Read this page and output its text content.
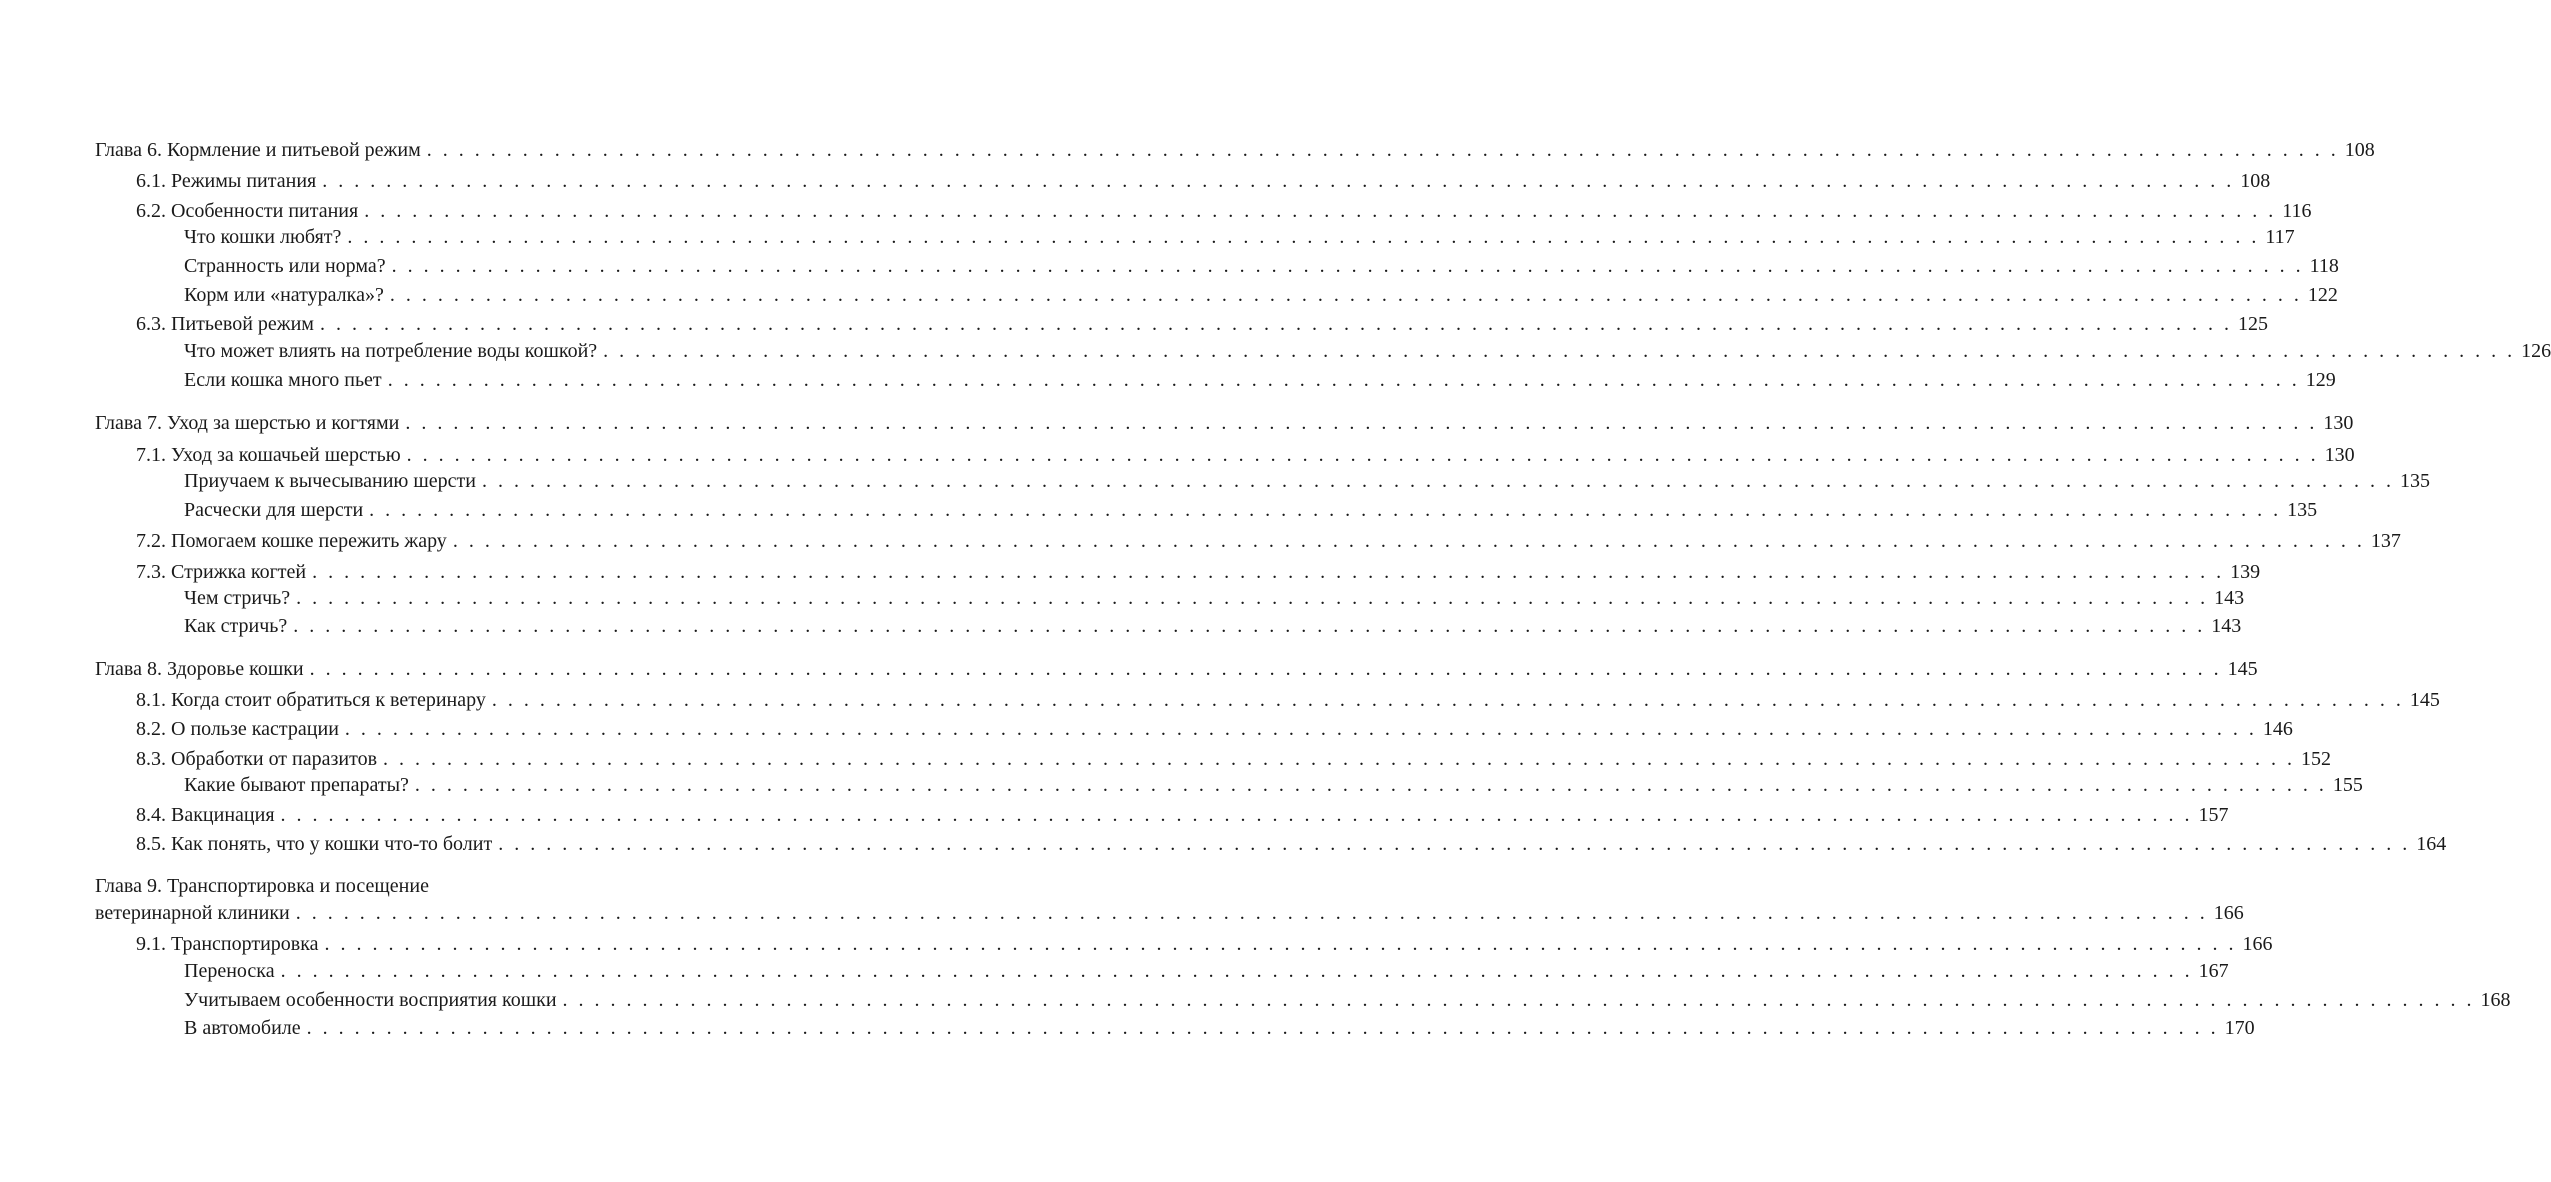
Глава 9. Транспортировка и посещение
Глава 6. Кормление и питьевой режим . . . . . . . . . . . . . . . . . . . . . . . . . . . . . . . . . . . . . . . . . . . . . . . . . . . . . . . . . . . . . . . . . . . . . . . . . . . . . . . . . . . . . . . . . . . . . . . . . . . . . . . . . . . . . . . . . . . . . . . . 108
6.1. Режимы питания . . . . . . . . . . . . . . . . . . . . . . . . . . . . . . . . . . . . . . . . . . . . . . . . . . . . . . . . . . . . . . . . . . . . . . . . . . . . . . . . . . . . . . . . . . . . . . . . . . . . . . . . . . . . . . . . . . . . . . . . 108
6.2. Особенности питания . . . . . . . . . . . . . . . . . . . . . . . . . . . . . . . . . . . . . . . . . . . . . . . . . . . . . . . . . . . . . . . . . . . . . . . . . . . . . . . . . . . . . . . . . . . . . . . . . . . . . . . . . . . . . . . . . . . . . . . . 116
Что кошки любят? . . . . . . . . . . . . . . . . . . . . . . . . . . . . . . . . . . . . . . . . . . . . . . . . . . . . . . . . . . . . . . . . . . . . . . . . . . . . . . . . . . . . . . . . . . . . . . . . . . . . . . . . . . . . . . . . . . . . . . . . 117
Странность или норма? . . . . . . . . . . . . . . . . . . . . . . . . . . . . . . . . . . . . . . . . . . . . . . . . . . . . . . . . . . . . . . . . . . . . . . . . . . . . . . . . . . . . . . . . . . . . . . . . . . . . . . . . . . . . . . . . . . . . . . . . 118
Корм или «натуралка»? . . . . . . . . . . . . . . . . . . . . . . . . . . . . . . . . . . . . . . . . . . . . . . . . . . . . . . . . . . . . . . . . . . . . . . . . . . . . . . . . . . . . . . . . . . . . . . . . . . . . . . . . . . . . . . . . . . . . . . . . 122
6.3. Питьевой режим . . . . . . . . . . . . . . . . . . . . . . . . . . . . . . . . . . . . . . . . . . . . . . . . . . . . . . . . . . . . . . . . . . . . . . . . . . . . . . . . . . . . . . . . . . . . . . . . . . . . . . . . . . . . . . . . . . . . . . . . 125
Что может влиять на потребление воды кошкой? . . . . . . . . . . . . . . . . . . . . . . . . . . . . . . . . . . . . . . . . . . . . . . . . . . . . . . . . . . . . . . . . . . . . . . . . . . . . . . . . . . . . . . . . . . . . . . . . . . . . . . . . . . . . . . . . . . . . . . . . 126
Если кошка много пьет . . . . . . . . . . . . . . . . . . . . . . . . . . . . . . . . . . . . . . . . . . . . . . . . . . . . . . . . . . . . . . . . . . . . . . . . . . . . . . . . . . . . . . . . . . . . . . . . . . . . . . . . . . . . . . . . . . . . . . . . 129
Глава 7. Уход за шерстью и когтями . . . . . . . . . . . . . . . . . . . . . . . . . . . . . . . . . . . . . . . . . . . . . . . . . . . . . . . . . . . . . . . . . . . . . . . . . . . . . . . . . . . . . . . . . . . . . . . . . . . . . . . . . . . . . . . . . . . . . . . . 130
7.1. Уход за кошачьей шерстью . . . . . . . . . . . . . . . . . . . . . . . . . . . . . . . . . . . . . . . . . . . . . . . . . . . . . . . . . . . . . . . . . . . . . . . . . . . . . . . . . . . . . . . . . . . . . . . . . . . . . . . . . . . . . . . . . . . . . . . . 130
Приучаем к вычесыванию шерсти . . . . . . . . . . . . . . . . . . . . . . . . . . . . . . . . . . . . . . . . . . . . . . . . . . . . . . . . . . . . . . . . . . . . . . . . . . . . . . . . . . . . . . . . . . . . . . . . . . . . . . . . . . . . . . . . . . . . . . . . 135
Расчески для шерсти . . . . . . . . . . . . . . . . . . . . . . . . . . . . . . . . . . . . . . . . . . . . . . . . . . . . . . . . . . . . . . . . . . . . . . . . . . . . . . . . . . . . . . . . . . . . . . . . . . . . . . . . . . . . . . . . . . . . . . . . 135
7.2. Помогаем кошке пережить жару . . . . . . . . . . . . . . . . . . . . . . . . . . . . . . . . . . . . . . . . . . . . . . . . . . . . . . . . . . . . . . . . . . . . . . . . . . . . . . . . . . . . . . . . . . . . . . . . . . . . . . . . . . . . . . . . . . . . . . . . 137
7.3. Стрижка когтей . . . . . . . . . . . . . . . . . . . . . . . . . . . . . . . . . . . . . . . . . . . . . . . . . . . . . . . . . . . . . . . . . . . . . . . . . . . . . . . . . . . . . . . . . . . . . . . . . . . . . . . . . . . . . . . . . . . . . . . . 139
Чем стричь? . . . . . . . . . . . . . . . . . . . . . . . . . . . . . . . . . . . . . . . . . . . . . . . . . . . . . . . . . . . . . . . . . . . . . . . . . . . . . . . . . . . . . . . . . . . . . . . . . . . . . . . . . . . . . . . . . . . . . . . . 143
Как стричь? . . . . . . . . . . . . . . . . . . . . . . . . . . . . . . . . . . . . . . . . . . . . . . . . . . . . . . . . . . . . . . . . . . . . . . . . . . . . . . . . . . . . . . . . . . . . . . . . . . . . . . . . . . . . . . . . . . . . . . . . 143
Глава 8. Здоровье кошки . . . . . . . . . . . . . . . . . . . . . . . . . . . . . . . . . . . . . . . . . . . . . . . . . . . . . . . . . . . . . . . . . . . . . . . . . . . . . . . . . . . . . . . . . . . . . . . . . . . . . . . . . . . . . . . . . . . . . . . . 145
8.1. Когда стоит обратиться к ветеринару . . . . . . . . . . . . . . . . . . . . . . . . . . . . . . . . . . . . . . . . . . . . . . . . . . . . . . . . . . . . . . . . . . . . . . . . . . . . . . . . . . . . . . . . . . . . . . . . . . . . . . . . . . . . . . . . . . . . . . . . 145
8.2. О пользе кастрации . . . . . . . . . . . . . . . . . . . . . . . . . . . . . . . . . . . . . . . . . . . . . . . . . . . . . . . . . . . . . . . . . . . . . . . . . . . . . . . . . . . . . . . . . . . . . . . . . . . . . . . . . . . . . . . . . . . . . . . . 146
8.3. Обработки от паразитов . . . . . . . . . . . . . . . . . . . . . . . . . . . . . . . . . . . . . . . . . . . . . . . . . . . . . . . . . . . . . . . . . . . . . . . . . . . . . . . . . . . . . . . . . . . . . . . . . . . . . . . . . . . . . . . . . . . . . . . . 152
Какие бывают препараты? . . . . . . . . . . . . . . . . . . . . . . . . . . . . . . . . . . . . . . . . . . . . . . . . . . . . . . . . . . . . . . . . . . . . . . . . . . . . . . . . . . . . . . . . . . . . . . . . . . . . . . . . . . . . . . . . . . . . . . . . 155
8.4. Вакцинация . . . . . . . . . . . . . . . . . . . . . . . . . . . . . . . . . . . . . . . . . . . . . . . . . . . . . . . . . . . . . . . . . . . . . . . . . . . . . . . . . . . . . . . . . . . . . . . . . . . . . . . . . . . . . . . . . . . . . . . . 157
8.5. Как понять, что у кошки что-то болит . . . . . . . . . . . . . . . . . . . . . . . . . . . . . . . . . . . . . . . . . . . . . . . . . . . . . . . . . . . . . . . . . . . . . . . . . . . . . . . . . . . . . . . . . . . . . . . . . . . . . . . . . . . . . . . . . . . . . . . . 164
ветеринарной клиники . . . . . . . . . . . . . . . . . . . . . . . . . . . . . . . . . . . . . . . . . . . . . . . . . . . . . . . . . . . . . . . . . . . . . . . . . . . . . . . . . . . . . . . . . . . . . . . . . . . . . . . . . . . . . . . . . . . . . . . . 166
9.1. Транспортировка . . . . . . . . . . . . . . . . . . . . . . . . . . . . . . . . . . . . . . . . . . . . . . . . . . . . . . . . . . . . . . . . . . . . . . . . . . . . . . . . . . . . . . . . . . . . . . . . . . . . . . . . . . . . . . . . . . . . . . . . 166
Переноска . . . . . . . . . . . . . . . . . . . . . . . . . . . . . . . . . . . . . . . . . . . . . . . . . . . . . . . . . . . . . . . . . . . . . . . . . . . . . . . . . . . . . . . . . . . . . . . . . . . . . . . . . . . . . . . . . . . . . . . . 167
Учитываем особенности восприятия кошки . . . . . . . . . . . . . . . . . . . . . . . . . . . . . . . . . . . . . . . . . . . . . . . . . . . . . . . . . . . . . . . . . . . . . . . . . . . . . . . . . . . . . . . . . . . . . . . . . . . . . . . . . . . . . . . . . . . . . . . . 168
В автомобиле . . . . . . . . . . . . . . . . . . . . . . . . . . . . . . . . . . . . . . . . . . . . . . . . . . . . . . . . . . . . . . . . . . . . . . . . . . . . . . . . . . . . . . . . . . . . . . . . . . . . . . . . . . . . . . . . . . . . . . . . 170
